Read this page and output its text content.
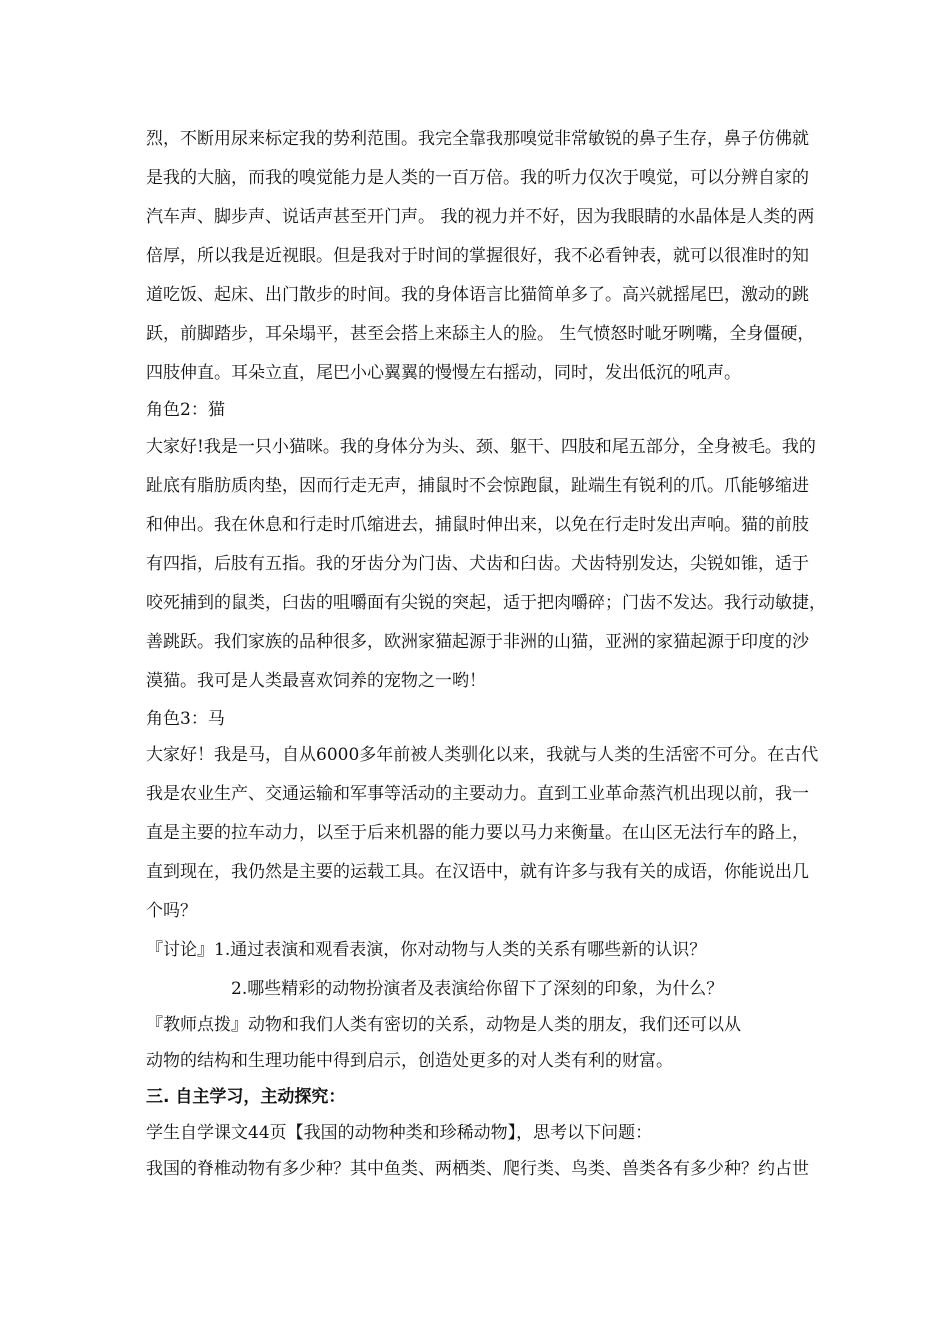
烈，不断用尿来标定我的势利范围。我完全靠我那嗅觉非常敏锐的鼻子生存，鼻子仿佛就
是我的大脑，而我的嗅觉能力是人类的一百万倍。我的听力仅次于嗅觉，可以分辨自家的
汽车声、脚步声、说话声甚至开门声。 我的视力并不好，因为我眼睛的水晶体是人类的两
倍厚，所以我是近视眼。但是我对于时间的掌握很好，我不必看钟表，就可以很准时的知
道吃饭、起床、出门散步的时间。我的身体语言比猫简单多了。高兴就摇尾巴，激动的跳
跃，前脚踏步，耳朵塌平，甚至会搭上来舔主人的脸。 生气愤怒时呲牙咧嘴，全身僵硬，
四肢伸直。耳朵立直，尾巴小心翼翼的慢慢左右摇动，同时，发出低沉的吼声。
角色2：猫
大家好!我是一只小猫咪。我的身体分为头、颈、躯干、四肢和尾五部分，全身被毛。我的
趾底有脂肪质肉垫，因而行走无声，捕鼠时不会惊跑鼠，趾端生有锐利的爪。爪能够缩进
和伸出。我在休息和行走时爪缩进去，捕鼠时伸出来，以免在行走时发出声响。猫的前肢
有四指，后肢有五指。我的牙齿分为门齿、犬齿和臼齿。犬齿特别发达，尖锐如锥，适于
咬死捕到的鼠类，臼齿的咀嚼面有尖锐的突起，适于把肉嚼碎；门齿不发达。我行动敏捷，
善跳跃。我们家族的品种很多，欧洲家猫起源于非洲的山猫，亚洲的家猫起源于印度的沙
漠猫。我可是人类最喜欢饲养的宠物之一哟！
角色3：马
大家好！我是马，自从6000多年前被人类驯化以来，我就与人类的生活密不可分。在古代
我是农业生产、交通运输和军事等活动的主要动力。直到工业革命蒸汽机出现以前，我一
直是主要的拉车动力，以至于后来机器的能力要以马力来衡量。在山区无法行车的路上，
直到现在，我仍然是主要的运载工具。在汉语中，就有许多与我有关的成语，你能说出几
个吗？
『讨论』1.通过表演和观看表演，你对动物与人类的关系有哪些新的认识？
2.哪些精彩的动物扮演者及表演给你留下了深刻的印象，为什么？
『教师点拨』动物和我们人类有密切的关系，动物是人类的朋友，我们还可以从
动物的结构和生理功能中得到启示，创造处更多的对人类有利的财富。
三. 自主学习，主动探究：
学生自学课文44页【我国的动物种类和珍稀动物】，思考以下问题：
我国的脊椎动物有多少种？其中鱼类、两栖类、爬行类、鸟类、兽类各有多少种？约占世
